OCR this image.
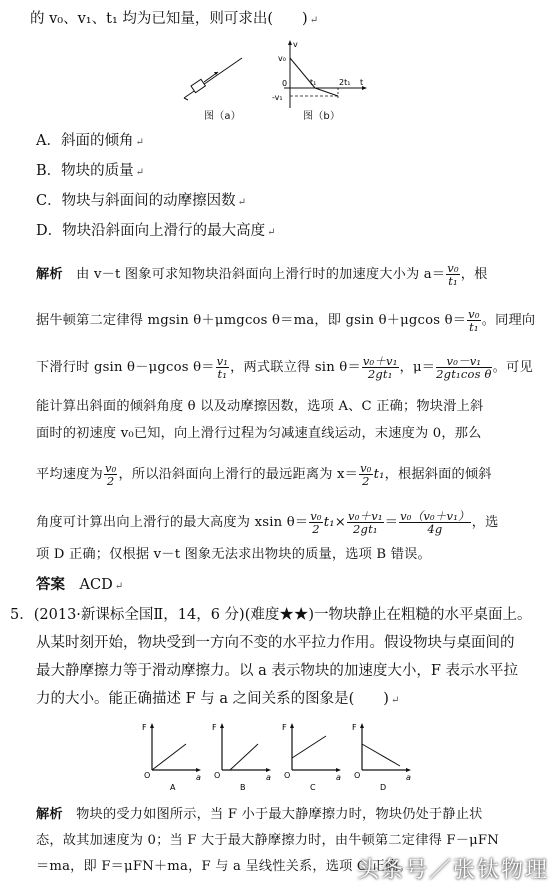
的 v₀、v₁、t₁ 均为已知量，则可求出(　　) ↵
图（a）
v
v₀
0	t₁	2t₁ t
-v₁
图（b）
A．斜面的倾角 ↵
B．物块的质量 ↵
C．物块与斜面间的动摩擦因数 ↵
D．物块沿斜面向上滑行的最大高度 ↵
解析　 由 v－t 图象可求知物块沿斜面向上滑行时的加速度大小为 $a= \frac{\text{v₀}}{\text{t₁}}$ ，根
据牛顿第二定律得 mgsin θ＋μmgcos θ＝ma，即 gsin θ＋μgcos $\theta= \frac{\text{v₀}}{\text{t₁}}$ 。同理向
下滑行时 gsin θ－μgcos $\theta= \frac{\text{v₁}}{\text{t₁}}$ ，两式联立得 $\sin \theta= \frac{\text{v₀＋v₁}}{\text{2gt₁}}$ ，$\mu= \frac{\text{v₀－v₁}}{\text{2gt₁cos θ}}$ 。可见
能计算出斜面的倾斜角度 θ 以及动摩擦因数，选项 A、C 正确；物块滑上斜
面时的初速度 v₀已知，向上滑行过程为匀减速直线运动，末速度为 0，那么
平均速度为 $\frac{\text{v₀}}{2}$ ，所以沿斜面向上滑行的最远距离为 $x= \frac{\text{v₀}}{2} t_1$，根据斜面的倾斜
角度可计算出向上滑行的最大高度为 xsin $\theta= \frac{\text{v₀}}{2} t_1\times \frac{\text{v₀＋v₁}}{\text{2gt₁}} = \frac{\text{v₀（v₀＋v₁）}}{4g}$ ，选
项 D 正确；仅根据 v－t 图象无法求出物块的质量，选项 B 错误。
答案　 ACD ↵
5．(2013·新课标全国Ⅱ，14，6 分)(难度★★)一物块静止在粗糙的水平桌面上。
从某时刻开始，物块受到一方向不变的水平拉力作用。假设物块与桌面间的
最大静摩擦力等于滑动摩擦力。以 a 表示物块的加速度大小，F 表示水平拉
力的大小。能正确描述 F 与 a 之间关系的图象是(　　) ↵
F
O	a
A
F
O	a
B
F
O	a
C
F
O	a
D
解析　 物块的受力如图所示，当 F 小于最大静摩擦力时，物块仍处于静止状
态，故其加速度为 0；当 F 大于最大静摩擦力时，由牛顿第二定律得 F－μFN
＝ma，即 F＝μFN＋ma，F 与 a 呈线性关系，选项 C 正确。
头条号／张钛物理
